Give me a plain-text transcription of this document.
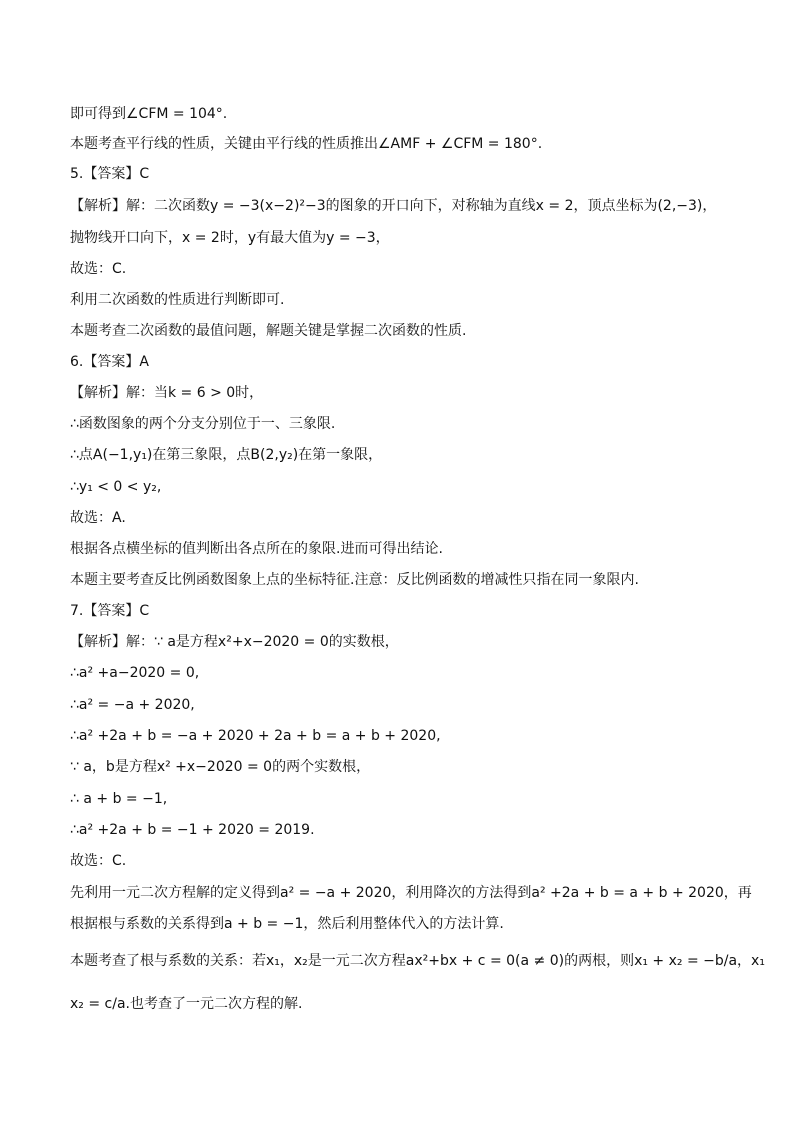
即可得到∠CFM = 104°.
本题考查平行线的性质，关键由平行线的性质推出∠AMF + ∠CFM = 180°.
5.【答案】C
【解析】解：二次函数y = −3(x−2)²−3的图象的开口向下，对称轴为直线x = 2，顶点坐标为(2,−3)，
抛物线开口向下，x = 2时，y有最大值为y = −3，
故选：C.
利用二次函数的性质进行判断即可.
本题考查二次函数的最值问题，解题关键是掌握二次函数的性质.
6.【答案】A
【解析】解：当k = 6 > 0时，
∴函数图象的两个分支分别位于一、三象限.
∴点A(−1,y₁)在第三象限，点B(2,y₂)在第一象限，
∴y₁ < 0 < y₂,
故选：A.
根据各点横坐标的值判断出各点所在的象限.进而可得出结论.
本题主要考查反比例函数图象上点的坐标特征.注意：反比例函数的增减性只指在同一象限内.
7.【答案】C
【解析】解：∵ a是方程x²+x−2020 = 0的实数根，
∴a² +a−2020 = 0,
∴a² = −a + 2020,
∴a² +2a + b = −a + 2020 + 2a + b = a + b + 2020,
∵ a，b是方程x² +x−2020 = 0的两个实数根，
∴ a + b = −1,
∴a² +2a + b = −1 + 2020 = 2019.
故选：C.
先利用一元二次方程解的定义得到a² = −a + 2020，利用降次的方法得到a² +2a + b = a + b + 2020，再
根据根与系数的关系得到a + b = −1，然后利用整体代入的方法计算.
本题考查了根与系数的关系：若x₁，x₂是一元二次方程ax²+bx + c = 0(a ≠ 0)的两根，则x₁ + x₂ = −b/a，x₁
x₂ = c/a.也考查了一元二次方程的解.
